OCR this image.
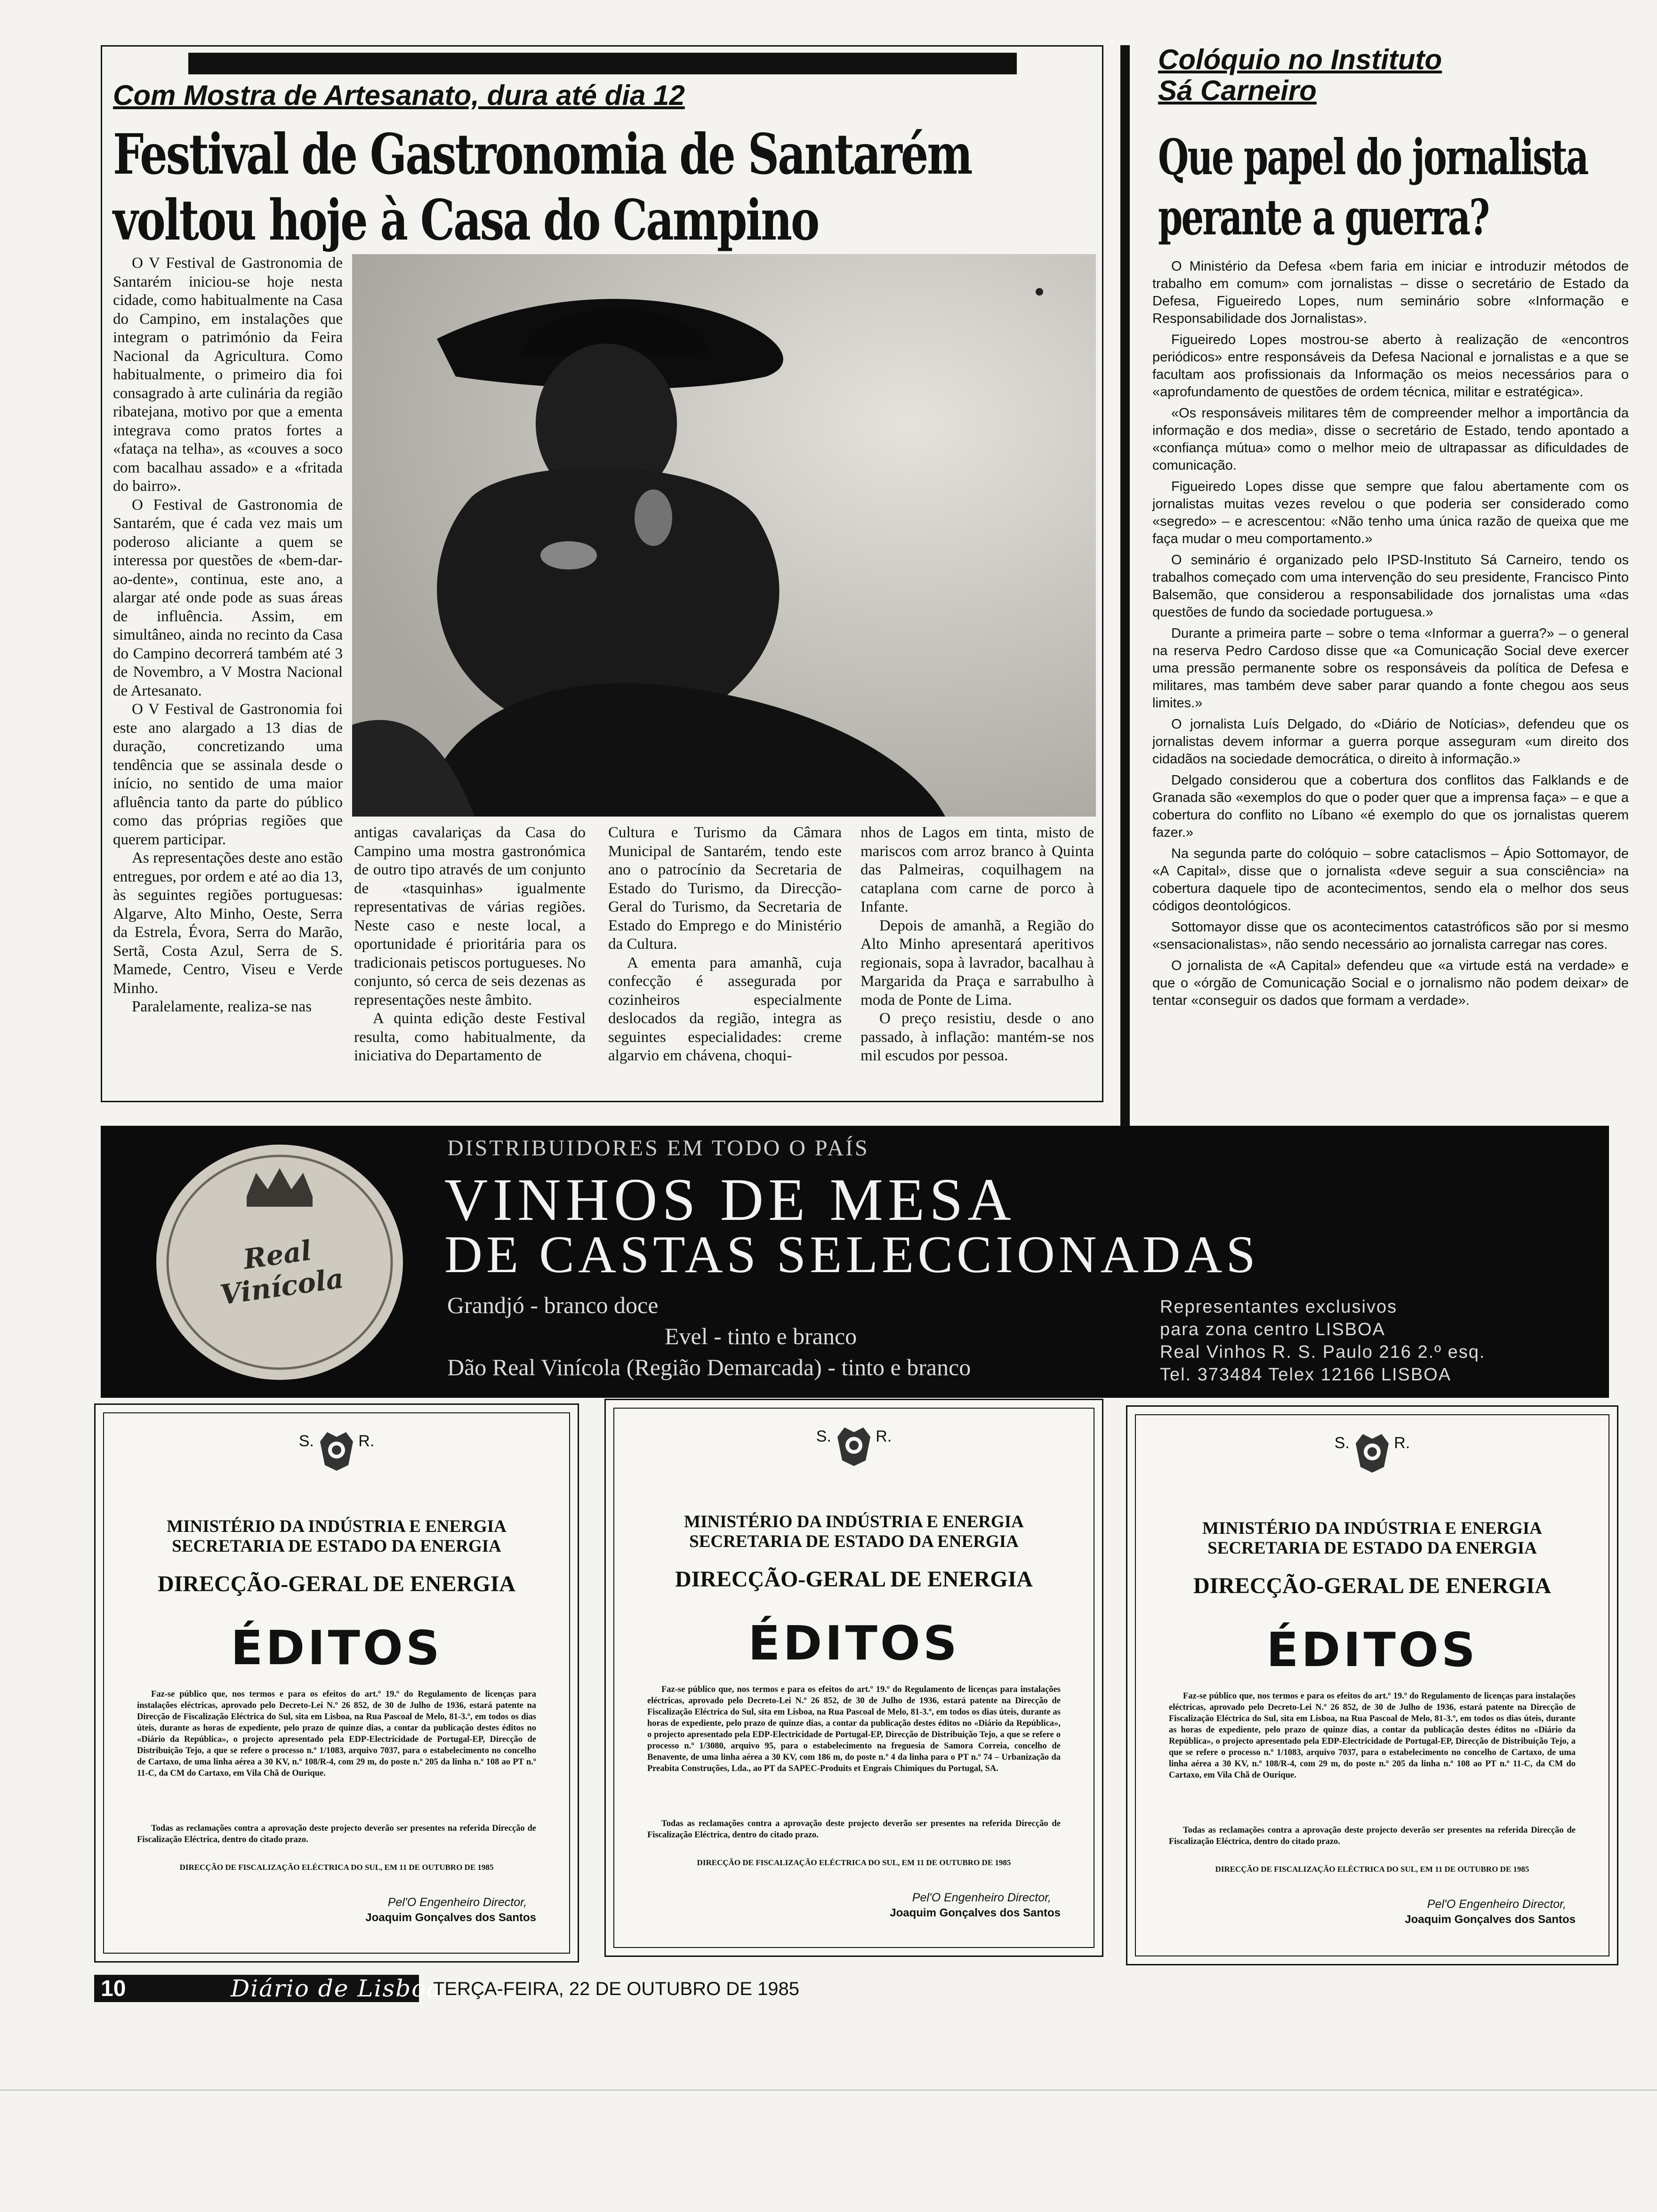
Com Mostra de Artesanato, dura até dia 12
Festival de Gastronomia de Santarém
voltou hoje à Casa do Campino

O V Festival de Gastronomia de Santarém iniciou-se hoje nesta cidade, como habitualmente na Casa do Campino, em instalações que integram o património da Feira Nacional da Agricultura. Como habitualmente, o primeiro dia foi consagrado à arte culinária da região ribatejana, motivo por que a ementa integrava como pratos fortes a «fataça na telha», as «couves a soco com bacalhau assado» e a «fritada do bairro».

O Festival de Gastronomia de Santarém, que é cada vez mais um poderoso aliciante a quem se interessa por questões de «bem-dar-ao-dente», continua, este ano, a alargar até onde pode as suas áreas de influência. Assim, em simultâneo, ainda no recinto da Casa do Campino decorrerá também até 3 de Novembro, a V Mostra Nacional de Artesanato.

O V Festival de Gastronomia foi este ano alargado a 13 dias de duração, concretizando uma tendência que se assinala desde o início, no sentido de uma maior afluência tanto da parte do público como das próprias regiões que querem participar.

As representações deste ano estão entregues, por ordem e até ao dia 13, às seguintes regiões portuguesas: Algarve, Alto Minho, Oeste, Serra da Estrela, Évora, Serra do Marão, Sertã, Costa Azul, Serra de S. Mamede, Centro, Viseu e Verde Minho.

Paralelamente, realiza-se nas

antigas cavalariças da Casa do Campino uma mostra gastronómica de outro tipo através de um conjunto de «tasquinhas» igualmente representativas de várias regiões. Neste caso e neste local, a oportunidade é prioritária para os tradicionais petiscos portugueses. No conjunto, só cerca de seis dezenas as representações neste âmbito.

A quinta edição deste Festival resulta, como habitualmente, da iniciativa do Departamento de

Cultura e Turismo da Câmara Municipal de Santarém, tendo este ano o patrocínio da Secretaria de Estado do Turismo, da Direcção-Geral do Turismo, da Secretaria de Estado do Emprego e do Ministério da Cultura.

A ementa para amanhã, cuja confecção é assegurada por cozinheiros especialmente deslocados da região, integra as seguintes especialidades: creme algarvio em chávena, choqui-

nhos de Lagos em tinta, misto de mariscos com arroz branco à Quinta das Palmeiras, coquilhagem na cataplana com carne de porco à Infante.

Depois de amanhã, a Região do Alto Minho apresentará aperitivos regionais, sopa à lavrador, bacalhau à Margarida da Praça e sarrabulho à moda de Ponte de Lima.

O preço resistiu, desde o ano passado, à inflação: mantém-se nos mil escudos por pessoa.

Colóquio no Instituto
Sá Carneiro
Que papel do jornalista
perante a guerra?

O Ministério da Defesa «bem faria em iniciar e introduzir métodos de trabalho em comum» com jornalistas – disse o secretário de Estado da Defesa, Figueiredo Lopes, num seminário sobre «Informação e Responsabilidade dos Jornalistas».

Figueiredo Lopes mostrou-se aberto à realização de «encontros periódicos» entre responsáveis da Defesa Nacional e jornalistas e a que se facultam aos profissionais da Informação os meios necessários para o «aprofundamento de questões de ordem técnica, militar e estratégica».

«Os responsáveis militares têm de compreender melhor a importância da informação e dos media», disse o secretário de Estado, tendo apontado a «confiança mútua» como o melhor meio de ultrapassar as dificuldades de comunicação.

Figueiredo Lopes disse que sempre que falou abertamente com os jornalistas muitas vezes revelou o que poderia ser considerado como «segredo» – e acrescentou: «Não tenho uma única razão de queixa que me faça mudar o meu comportamento.»

O seminário é organizado pelo IPSD-Instituto Sá Carneiro, tendo os trabalhos começado com uma intervenção do seu presidente, Francisco Pinto Balsemão, que considerou a responsabilidade dos jornalistas uma «das questões de fundo da sociedade portuguesa.»

Durante a primeira parte – sobre o tema «Informar a guerra?» – o general na reserva Pedro Cardoso disse que «a Comunicação Social deve exercer uma pressão permanente sobre os responsáveis da política de Defesa e militares, mas também deve saber parar quando a fonte chegou aos seus limites.»

O jornalista Luís Delgado, do «Diário de Notícias», defendeu que os jornalistas devem informar a guerra porque asseguram «um direito dos cidadãos na sociedade democrática, o direito à informação.»

Delgado considerou que a cobertura dos conflitos das Falklands e de Granada são «exemplos do que o poder quer que a imprensa faça» – e que a cobertura do conflito no Líbano «é exemplo do que os jornalistas querem fazer.»

Na segunda parte do colóquio – sobre cataclismos – Ápio Sottomayor, de «A Capital», disse que o jornalista «deve seguir a sua consciência» na cobertura daquele tipo de acontecimentos, sendo ela o melhor dos seus códigos deontológicos.

Sottomayor disse que os acontecimentos catastróficos são por si mesmo «sensacionalistas», não sendo necessário ao jornalista carregar nas cores.

O jornalista de «A Capital» defendeu que «a virtude está na verdade» e que o «órgão de Comunicação Social e o jornalismo não podem deixar» de tentar «conseguir os dados que formam a verdade».

Real Vinícola
DISTRIBUIDORES EM TODO O PAÍS
VINHOS DE MESA
DE CASTAS SELECCIONADAS
Grandjó - branco doce
Evel - tinto e branco
Dão Real Vinícola (Região Demarcada) - tinto e branco
Representantes exclusivos
para zona centro LISBOA
Real Vinhos R. S. Paulo 216 2.º esq.
Tel. 373484 Telex 12166 LISBOA
S.          R.
MINISTÉRIO DA INDÚSTRIA E ENERGIA
SECRETARIA DE ESTADO DA ENERGIA
DIRECÇÃO-GERAL DE ENERGIA
ÉDITOS
Faz-se público que, nos termos e para os efeitos do art.º 19.º do Regulamento de licenças para instalações eléctricas, aprovado pelo Decreto-Lei N.º 26 852, de 30 de Julho de 1936, estará patente na Direcção de Fiscalização Eléctrica do Sul, sita em Lisboa, na Rua Pascoal de Melo, 81-3.º, em todos os dias úteis, durante as horas de expediente, pelo prazo de quinze dias, a contar da publicação destes éditos no «Diário da República», o projecto apresentado pela EDP-Electricidade de Portugal-EP, Direcção de Distribuição Tejo, a que se refere o processo n.º 1/1083, arquivo 7037, para o estabelecimento no concelho de Cartaxo, de uma linha aérea a 30 KV, n.º 108/R-4, com 29 m, do poste n.º 205 da linha n.º 108 ao PT n.º 11-C, da CM do Cartaxo, em Vila Chã de Ourique.
Todas as reclamações contra a aprovação deste projecto deverão ser presentes na referida Direcção de Fiscalização Eléctrica, dentro do citado prazo.
DIRECÇÃO DE FISCALIZAÇÃO ELÉCTRICA DO SUL, EM 11 DE OUTUBRO DE 1985
Pel'O Engenheiro Director,
Joaquim Gonçalves dos Santos
S.          R.
MINISTÉRIO DA INDÚSTRIA E ENERGIA
SECRETARIA DE ESTADO DA ENERGIA
DIRECÇÃO-GERAL DE ENERGIA
ÉDITOS
Faz-se público que, nos termos e para os efeitos do art.º 19.º do Regulamento de licenças para instalações eléctricas, aprovado pelo Decreto-Lei N.º 26 852, de 30 de Julho de 1936, estará patente na Direcção de Fiscalização Eléctrica do Sul, sita em Lisboa, na Rua Pascoal de Melo, 81-3.º, em todos os dias úteis, durante as horas de expediente, pelo prazo de quinze dias, a contar da publicação destes éditos no «Diário da República», o projecto apresentado pela EDP-Electricidade de Portugal-EP, Direcção de Distribuição Tejo, a que se refere o processo n.º 1/3080, arquivo 95, para o estabelecimento na freguesia de Samora Correia, concelho de Benavente, de uma linha aérea a 30 KV, com 186 m, do poste n.º 4 da linha para o PT n.º 74 – Urbanização da Preabita Construções, Lda., ao PT da SAPEC-Produits et Engrais Chimiques du Portugal, SA.
Todas as reclamações contra a aprovação deste projecto deverão ser presentes na referida Direcção de Fiscalização Eléctrica, dentro do citado prazo.
DIRECÇÃO DE FISCALIZAÇÃO ELÉCTRICA DO SUL, EM 11 DE OUTUBRO DE 1985
Pel'O Engenheiro Director,
Joaquim Gonçalves dos Santos
S.          R.
MINISTÉRIO DA INDÚSTRIA E ENERGIA
SECRETARIA DE ESTADO DA ENERGIA
DIRECÇÃO-GERAL DE ENERGIA
ÉDITOS
Faz-se público que, nos termos e para os efeitos do art.º 19.º do Regulamento de licenças para instalações eléctricas, aprovado pelo Decreto-Lei N.º 26 852, de 30 de Julho de 1936, estará patente na Direcção de Fiscalização Eléctrica do Sul, sita em Lisboa, na Rua Pascoal de Melo, 81-3.º, em todos os dias úteis, durante as horas de expediente, pelo prazo de quinze dias, a contar da publicação destes éditos no «Diário da República», o projecto apresentado pela EDP-Electricidade de Portugal-EP, Direcção de Distribuição Tejo, a que se refere o processo n.º 1/1083, arquivo 7037, para o estabelecimento no concelho de Cartaxo, de uma linha aérea a 30 KV, n.º 108/R-4, com 29 m, do poste n.º 205 da linha n.º 108 ao PT n.º 11-C, da CM do Cartaxo, em Vila Chã de Ourique.
Todas as reclamações contra a aprovação deste projecto deverão ser presentes na referida Direcção de Fiscalização Eléctrica, dentro do citado prazo.
DIRECÇÃO DE FISCALIZAÇÃO ELÉCTRICA DO SUL, EM 11 DE OUTUBRO DE 1985
Pel'O Engenheiro Director,
Joaquim Gonçalves dos Santos
10	Diário de Lisboa
TERÇA-FEIRA, 22 DE OUTUBRO DE 1985
